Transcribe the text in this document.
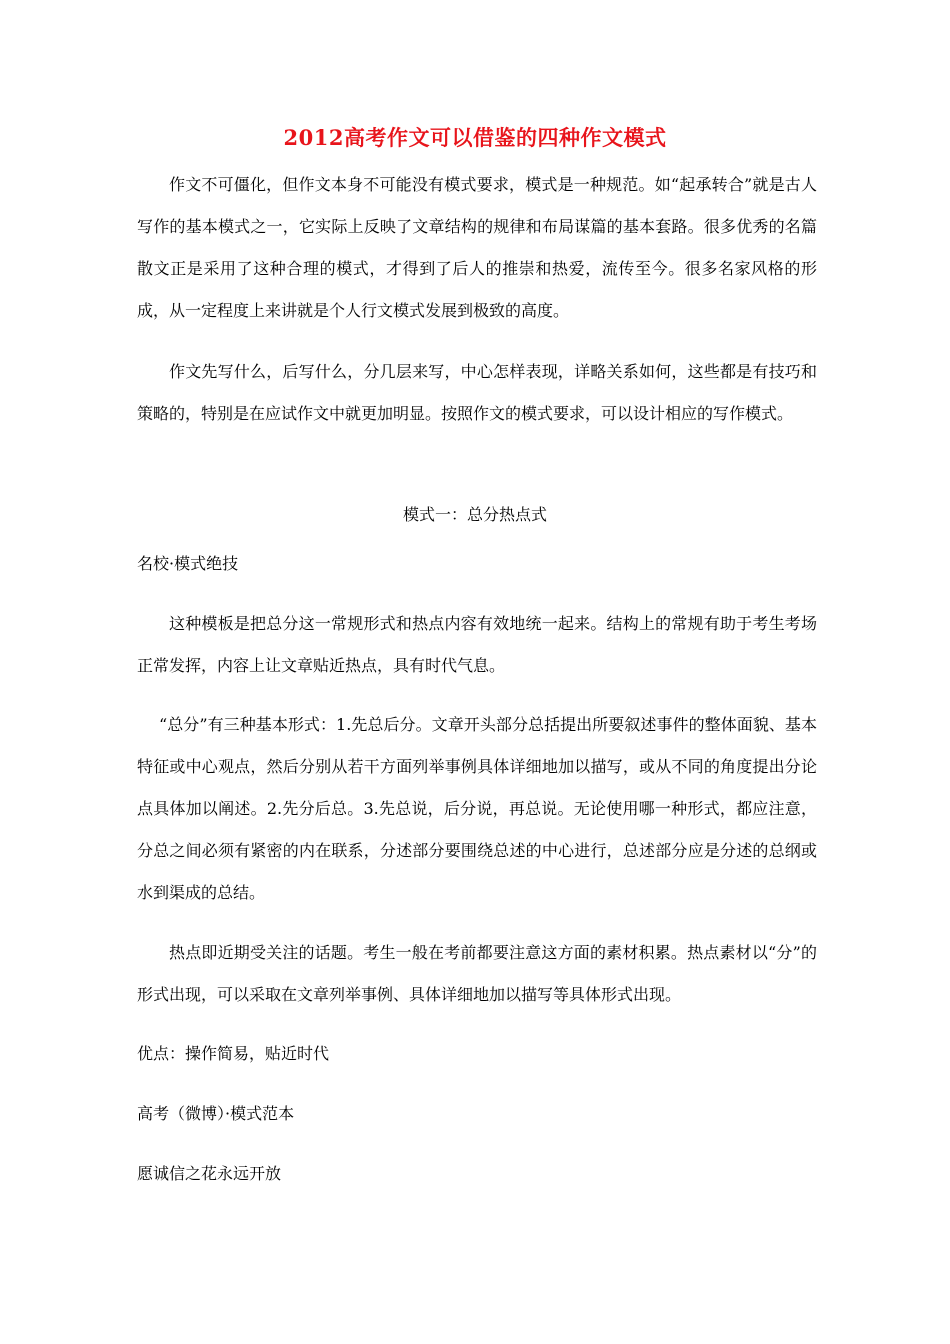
2012高考作文可以借鉴的四种作文模式

作文不可僵化，但作文本身不可能没有模式要求，模式是一种规范。如“起承转合”就是古人写作的基本模式之一，它实际上反映了文章结构的规律和布局谋篇的基本套路。很多优秀的名篇散文正是采用了这种合理的模式，才得到了后人的推崇和热爱，流传至今。很多名家风格的形成，从一定程度上来讲就是个人行文模式发展到极致的高度。

作文先写什么，后写什么，分几层来写，中心怎样表现，详略关系如何，这些都是有技巧和策略的，特别是在应试作文中就更加明显。按照作文的模式要求，可以设计相应的写作模式。

模式一：总分热点式
名校·模式绝技

这种模板是把总分这一常规形式和热点内容有效地统一起来。结构上的常规有助于考生考场正常发挥，内容上让文章贴近热点，具有时代气息。

“总分”有三种基本形式：1.先总后分。文章开头部分总括提出所要叙述事件的整体面貌、基本特征或中心观点，然后分别从若干方面列举事例具体详细地加以描写，或从不同的角度提出分论点具体加以阐述。2.先分后总。3.先总说，后分说，再总说。无论使用哪一种形式，都应注意，分总之间必须有紧密的内在联系，分述部分要围绕总述的中心进行，总述部分应是分述的总纲或水到渠成的总结。

热点即近期受关注的话题。考生一般在考前都要注意这方面的素材积累。热点素材以“分”的形式出现，可以采取在文章列举事例、具体详细地加以描写等具体形式出现。

优点：操作简易，贴近时代
高考（微博）·模式范本
愿诚信之花永远开放
